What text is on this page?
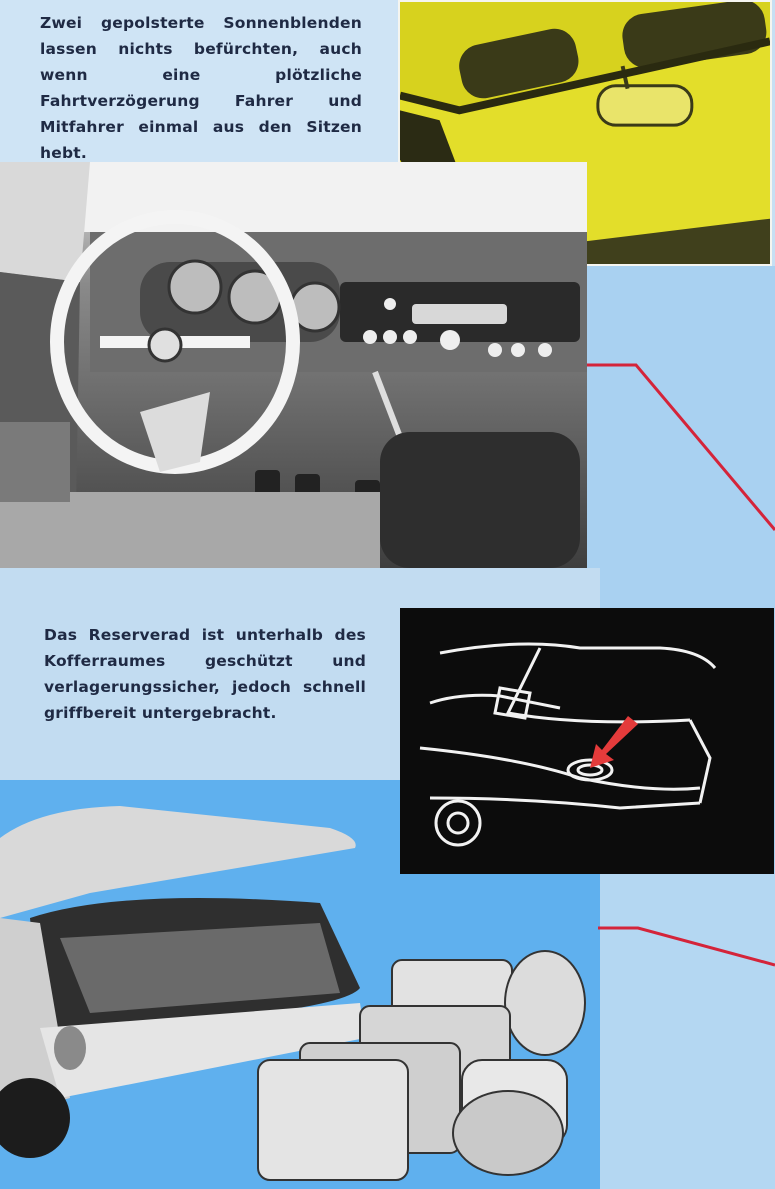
Zwei gepolsterte Sonnenblenden lassen nichts befürchten, auch wenn eine plötzliche Fahrtverzögerung Fahrer und Mitfahrer einmal aus den Sitzen hebt.

Das Reserverad ist unterhalb des Kofferraumes geschützt und verlagerungssicher, jedoch schnell griffbereit untergebracht.
